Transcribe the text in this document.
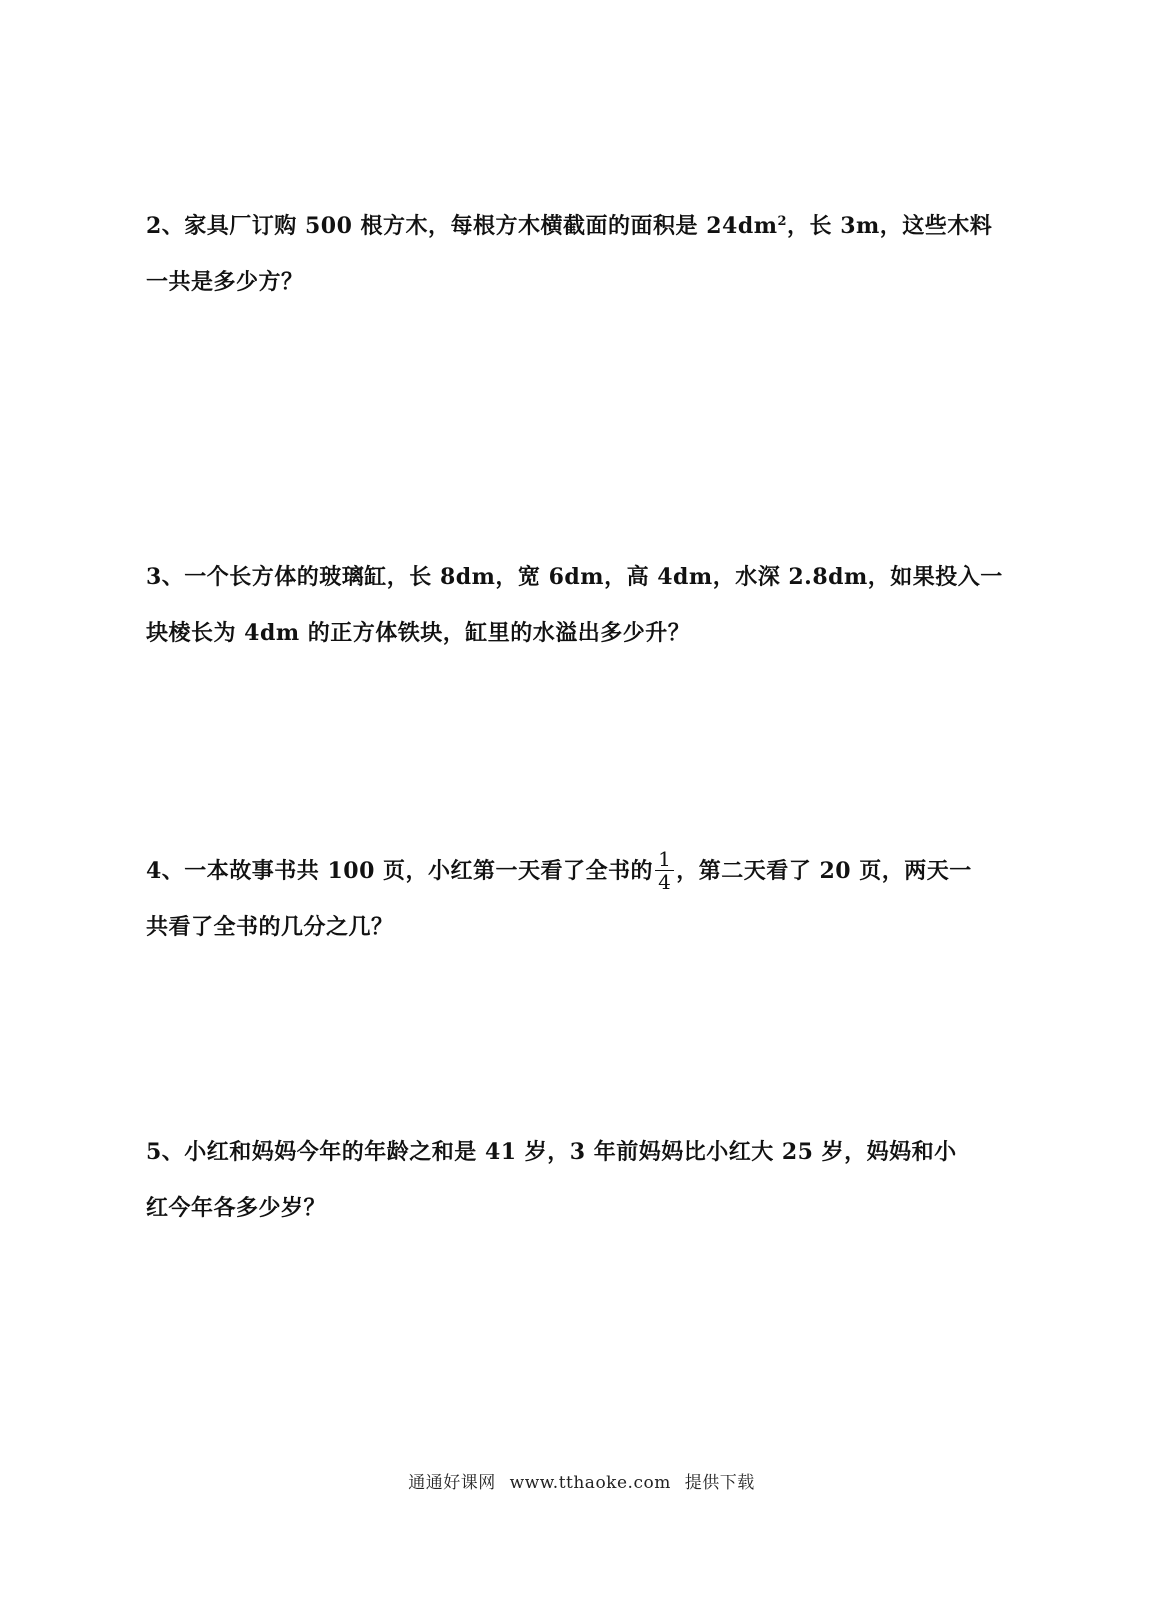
2、家具厂订购 500 根方木，每根方木横截面的面积是 $24dm^2$，长 3m，这些木料
一共是多少方？
3、一个长方体的玻璃缸，长 8dm，宽 6dm，高 4dm，水深 2.8dm，如果投入一
块棱长为 4dm 的正方体铁块，缸里的水溢出多少升？
4、一本故事书共 100 页，小红第一天看了全书的 $\frac{1}{4}$ ，第二天看了 20 页，两天一
共看了全书的几分之几？
5、小红和妈妈今年的年龄之和是 41 岁，3 年前妈妈比小红大 25 岁，妈妈和小
红今年各多少岁？
通通好课网 www.tthaoke.com 提供下载
